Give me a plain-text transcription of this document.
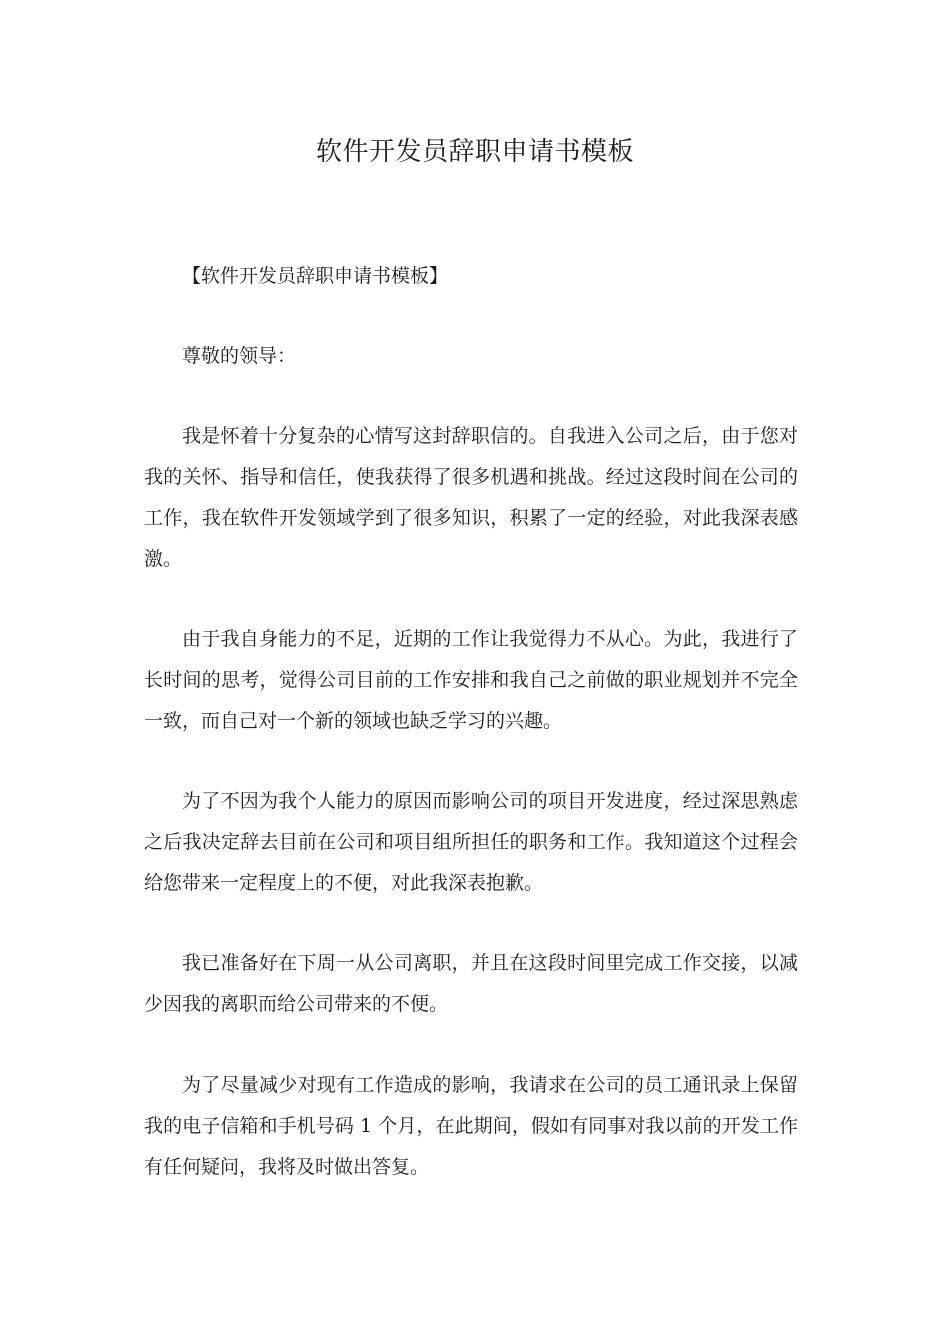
软件开发员辞职申请书模板

【软件开发员辞职申请书模板】

尊敬的领导：

我是怀着十分复杂的心情写这封辞职信的。自我进入公司之后，由于您对我的关怀、指导和信任，使我获得了很多机遇和挑战。经过这段时间在公司的工作，我在软件开发领域学到了很多知识，积累了一定的经验，对此我深表感激。

由于我自身能力的不足，近期的工作让我觉得力不从心。为此，我进行了长时间的思考，觉得公司目前的工作安排和我自己之前做的职业规划并不完全一致，而自己对一个新的领域也缺乏学习的兴趣。

为了不因为我个人能力的原因而影响公司的项目开发进度，经过深思熟虑之后我决定辞去目前在公司和项目组所担任的职务和工作。我知道这个过程会给您带来一定程度上的不便，对此我深表抱歉。

我已准备好在下周一从公司离职，并且在这段时间里完成工作交接，以减少因我的离职而给公司带来的不便。

为了尽量减少对现有工作造成的影响，我请求在公司的员工通讯录上保留我的电子信箱和手机号码 1 个月，在此期间，假如有同事对我以前的开发工作有任何疑问，我将及时做出答复。
